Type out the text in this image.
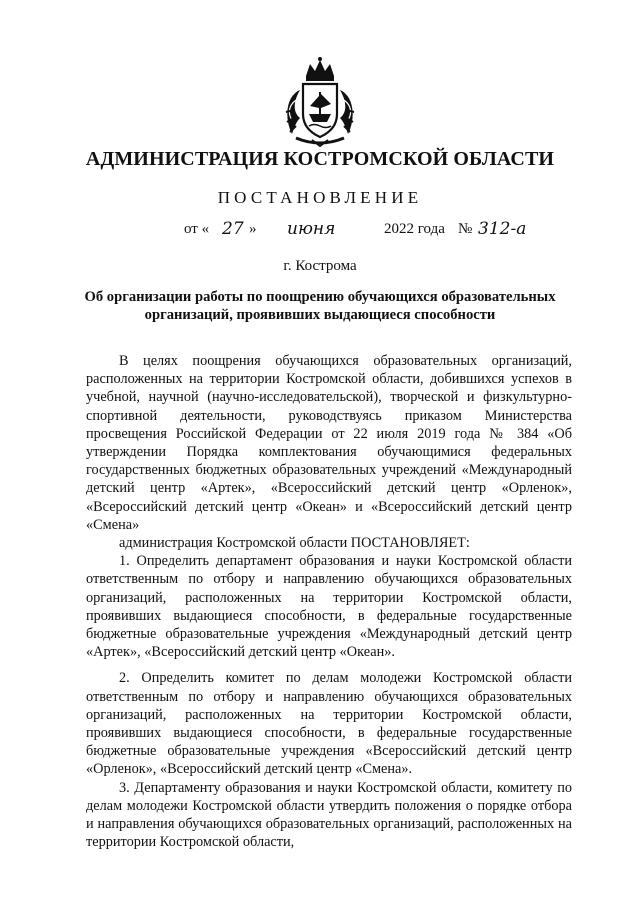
АДМИНИСТРАЦИЯ КОСТРОМСКОЙ ОБЛАСТИ
ПОСТАНОВЛЕНИЕ
от « 27 » июня	2022 года № 312-а
г. Кострома
Об организации работы по поощрению обучающихся образовательных организаций, проявивших выдающиеся способности

В целях поощрения обучающихся образовательных организаций, расположенных на территории Костромской области, добившихся успехов в учебной, научной (научно-исследовательской), творческой и физкультурно-спортивной деятельности, руководствуясь приказом Министерства просвещения Российской Федерации от 22 июля 2019 года № 384 «Об утверждении Порядка комплектования обучающимися федеральных государственных бюджетных образовательных учреждений «Международный детский центр «Артек», «Всероссийский детский центр «Орленок», «Всероссийский детский центр «Океан» и «Всероссийский детский центр «Смена»

администрация Костромской области ПОСТАНОВЛЯЕТ:

1. Определить департамент образования и науки Костромской области ответственным по отбору и направлению обучающихся образовательных организаций, расположенных на территории Костромской области, проявивших выдающиеся способности, в федеральные государственные бюджетные образовательные учреждения «Международный детский центр «Артек», «Всероссийский детский центр «Океан».

2. Определить комитет по делам молодежи Костромской области ответственным по отбору и направлению обучающихся образовательных организаций, расположенных на территории Костромской области, проявивших выдающиеся способности, в федеральные государственные бюджетные образовательные учреждения «Всероссийский детский центр «Орленок», «Всероссийский детский центр «Смена».

3. Департаменту образования и науки Костромской области, комитету по делам молодежи Костромской области утвердить положения о порядке отбора и направления обучающихся образовательных организаций, расположенных на территории Костромской области,
